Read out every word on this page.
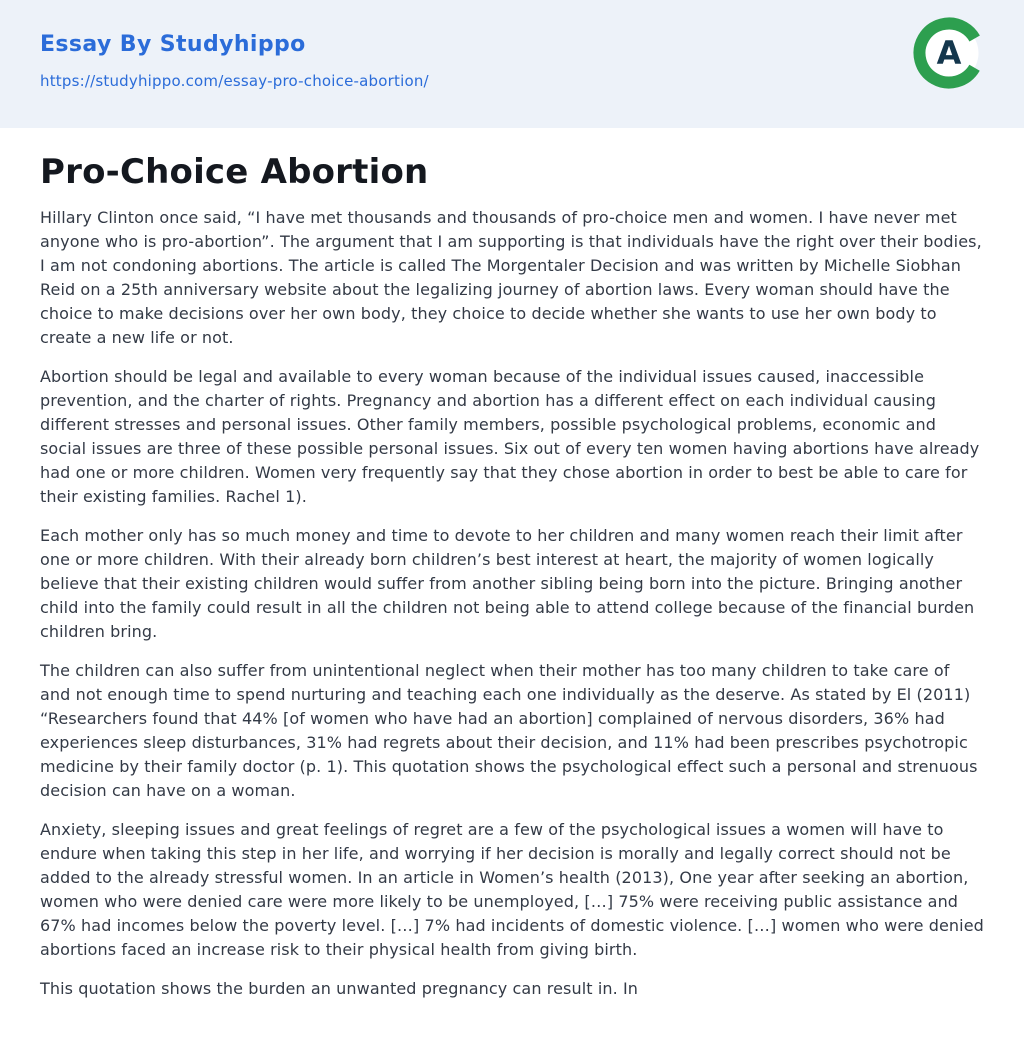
Essay By Studyhippo
https://studyhippo.com/essay-pro-choice-abortion/
A
Pro-Choice Abortion

Hillary Clinton once said, “I have met thousands and thousands of pro-choice men and women. I have never met anyone who is pro-abortion”. The argument that I am supporting is that individuals have the right over their bodies, I am not condoning abortions. The article is called The Morgentaler Decision and was written by Michelle Siobhan Reid on a 25th anniversary website about the legalizing journey of abortion laws. Every woman should have the choice to make decisions over her own body, they choice to decide whether she wants to use her own body to create a new life or not.

Abortion should be legal and available to every woman because of the individual issues caused, inaccessible prevention, and the charter of rights. Pregnancy and abortion has a different effect on each individual causing different stresses and personal issues. Other family members, possible psychological problems, economic and social issues are three of these possible personal issues. Six out of every ten women having abortions have already had one or more children. Women very frequently say that they chose abortion in order to best be able to care for their existing families. Rachel 1).

Each mother only has so much money and time to devote to her children and many women reach their limit after one or more children. With their already born children’s best interest at heart, the majority of women logically believe that their existing children would suffer from another sibling being born into the picture. Bringing another child into the family could result in all the children not being able to attend college because of the financial burden children bring.

The children can also suffer from unintentional neglect when their mother has too many children to take care of and not enough time to spend nurturing and teaching each one individually as the deserve. As stated by El (2011) “Researchers found that 44% [of women who have had an abortion] complained of nervous disorders, 36% had experiences sleep disturbances, 31% had regrets about their decision, and 11% had been prescribes psychotropic medicine by their family doctor (p. 1). This quotation shows the psychological effect such a personal and strenuous decision can have on a woman.

Anxiety, sleeping issues and great feelings of regret are a few of the psychological issues a women will have to endure when taking this step in her life, and worrying if her decision is morally and legally correct should not be added to the already stressful women. In an article in Women’s health (2013), One year after seeking an abortion, women who were denied care were more likely to be unemployed, […] 75% were receiving public assistance and 67% had incomes below the poverty level. […] 7% had incidents of domestic violence. […] women who were denied abortions faced an increase risk to their physical health from giving birth.

This quotation shows the burden an unwanted pregnancy can result in. In
